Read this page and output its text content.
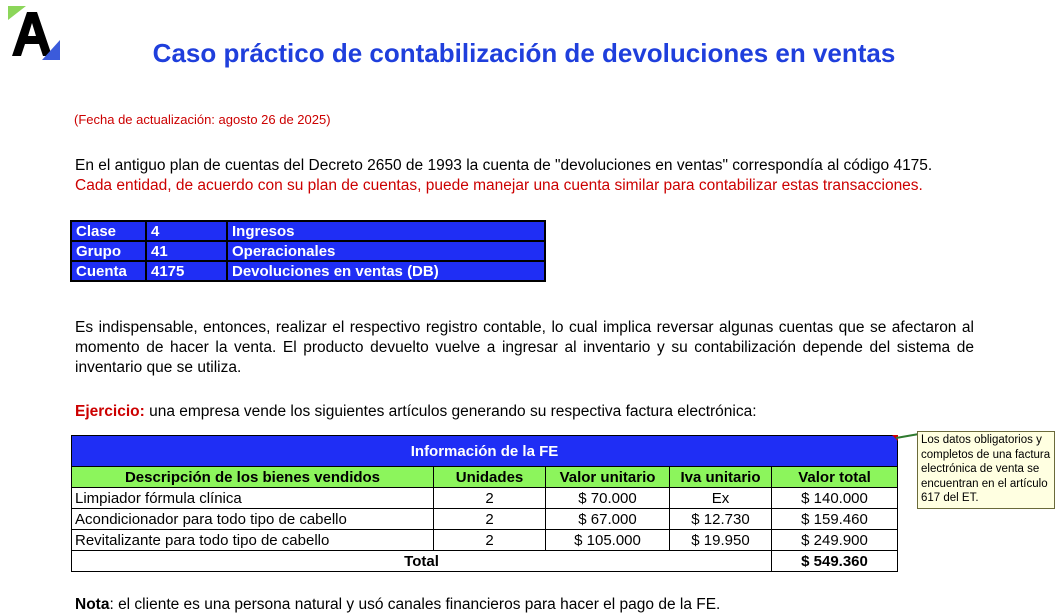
Caso práctico de contabilización de devoluciones en ventas
(Fecha de actualización: agosto 26 de 2025)
En el antiguo plan de cuentas del Decreto 2650 de 1993 la cuenta de "devoluciones en ventas" correspondía al código 4175.
Cada entidad, de acuerdo con su plan de cuentas, puede manejar una cuenta similar para contabilizar estas transacciones.
Clase	4	Ingresos
Grupo	41	Operacionales
Cuenta	4175	Devoluciones en ventas (DB)
Es indispensable, entonces, realizar el respectivo registro contable, lo cual implica reversar algunas cuentas que se afectaron al momento de hacer la venta. El producto devuelto vuelve a ingresar al inventario y su contabilización depende del sistema de inventario que se utiliza.
Ejercicio: una empresa vende los siguientes artículos generando su respectiva factura electrónica:
Información de la FE				
Descripción de los bienes vendidos	Unidades	Valor unitario	Iva unitario	Valor total
Limpiador fórmula clínica	2	$ 70.000	Ex	$ 140.000
Acondicionador para todo tipo de cabello	2	$ 67.000	$ 12.730	$ 159.460
Revitalizante para todo tipo de cabello	2	$ 105.000	$ 19.950	$ 249.900
Total				$ 549.360
Los datos obligatorios y completos de una factura electrónica de venta se encuentran en el artículo 617 del ET.
Nota: el cliente es una persona natural y usó canales financieros para hacer el pago de la FE.
